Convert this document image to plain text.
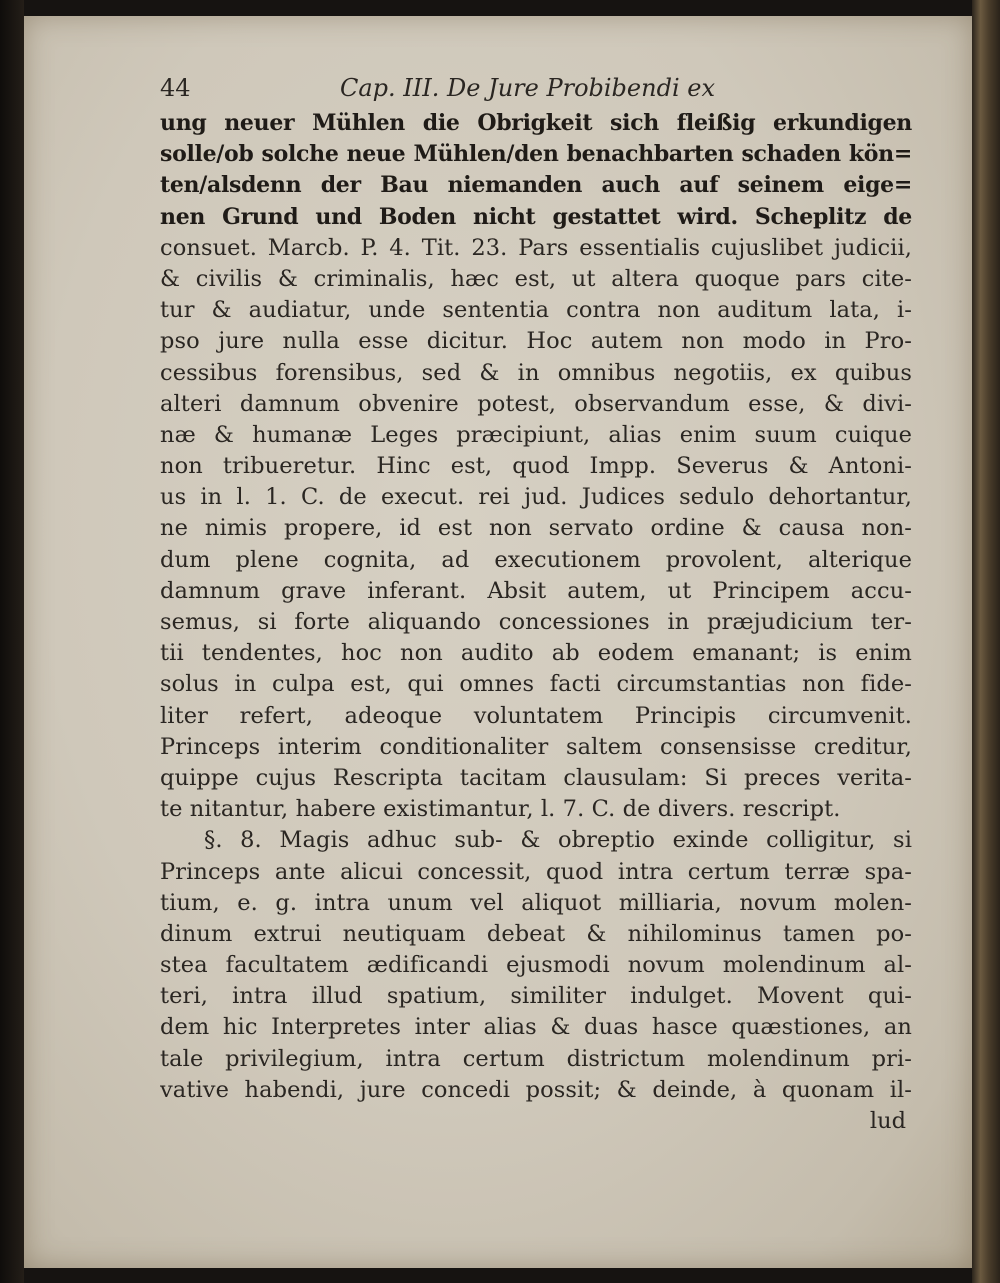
44	Cap. III. De Jure Probibendi ex
ung neuer Mühlen die Obrigkeit sich fleißig erkundigen
solle/ob solche neue Mühlen/den benachbarten schaden kön=
ten/alsdenn der Bau niemanden auch auf seinem eige=
nen Grund und Boden nicht gestattet wird. Scheplitz de
consuet. Marcb. P. 4. Tit. 23. Pars essentialis cujuslibet judicii,
& civilis & criminalis, hæc est, ut altera quoque pars cite-
tur & audiatur, unde sententia contra non auditum lata, i-
pso jure nulla esse dicitur. Hoc autem non modo in Pro-
cessibus forensibus, sed & in omnibus negotiis, ex quibus
alteri damnum obvenire potest, observandum esse, & divi-
næ & humanæ Leges præcipiunt, alias enim suum cuique
non tribueretur. Hinc est, quod Impp. Severus & Antoni-
us in l. 1. C. de execut. rei jud. Judices sedulo dehortantur,
ne nimis propere, id est non servato ordine & causa non-
dum plene cognita, ad executionem provolent, alterique
damnum grave inferant. Absit autem, ut Principem accu-
semus, si forte aliquando concessiones in præjudicium ter-
tii tendentes, hoc non audito ab eodem emanant; is enim
solus in culpa est, qui omnes facti circumstantias non fide-
liter refert, adeoque voluntatem Principis circumvenit.
Princeps interim conditionaliter saltem consensisse creditur,
quippe cujus Rescripta tacitam clausulam: Si preces verita-
te nitantur, habere existimantur, l. 7. C. de divers. rescript.
§. 8. Magis adhuc sub- & obreptio exinde colligitur, si
Princeps ante alicui concessit, quod intra certum terræ spa-
tium, e. g. intra unum vel aliquot milliaria, novum molen-
dinum extrui neutiquam debeat & nihilominus tamen po-
stea facultatem ædificandi ejusmodi novum molendinum al-
teri, intra illud spatium, similiter indulget. Movent qui-
dem hic Interpretes inter alias & duas hasce quæstiones, an
tale privilegium, intra certum districtum molendinum pri-
vative habendi, jure concedi possit; & deinde, à quonam il-
lud
